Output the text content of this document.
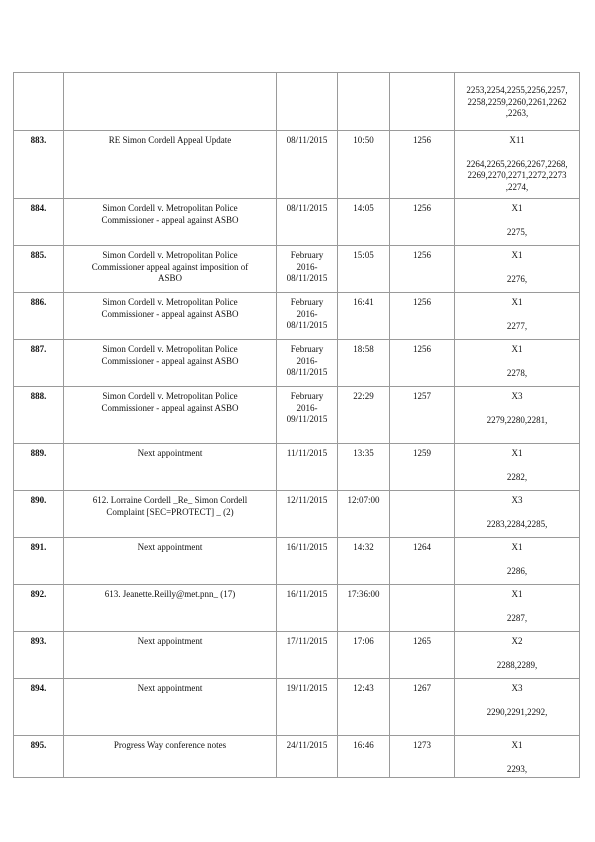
					2253,2254,2255,2256,2257,
2258,2259,2260,2261,2262
,2263,

883.	RE Simon Cordell Appeal Update	08/11/2015	10:50	1256	X11
2264,2265,2266,2267,2268,
2269,2270,2271,2272,2273
,2274,

884.	Simon Cordell v. Metropolitan Police
Commissioner - appeal against ASBO	08/11/2015	14:05	1256	X1
2275,

885.	Simon Cordell v. Metropolitan Police
Commissioner appeal against imposition of
ASBO	February
2016-
08/11/2015	15:05	1256	X1
2276,

886.	Simon Cordell v. Metropolitan Police
Commissioner - appeal against ASBO	February
2016-
08/11/2015	16:41	1256	X1
2277,

887.	Simon Cordell v. Metropolitan Police
Commissioner - appeal against ASBO	February
2016-
08/11/2015	18:58	1256	X1
2278,

888.	Simon Cordell v. Metropolitan Police
Commissioner - appeal against ASBO	February
2016-
09/11/2015	22:29	1257	X3
2279,2280,2281,

889.	Next appointment	11/11/2015	13:35	1259	X1
2282,

890.	612. Lorraine Cordell _Re_ Simon Cordell
Complaint [SEC=PROTECT] _ (2)	12/11/2015	12:07:00		X3
2283,2284,2285,

891.	Next appointment	16/11/2015	14:32	1264	X1
2286,

892.	613. Jeanette.Reilly@met.pnn_ (17)	16/11/2015	17:36:00		X1
2287,

893.	Next appointment	17/11/2015	17:06	1265	X2
2288,2289,

894.	Next appointment	19/11/2015	12:43	1267	X3
2290,2291,2292,

895.	Progress Way conference notes	24/11/2015	16:46	1273	X1
2293,
